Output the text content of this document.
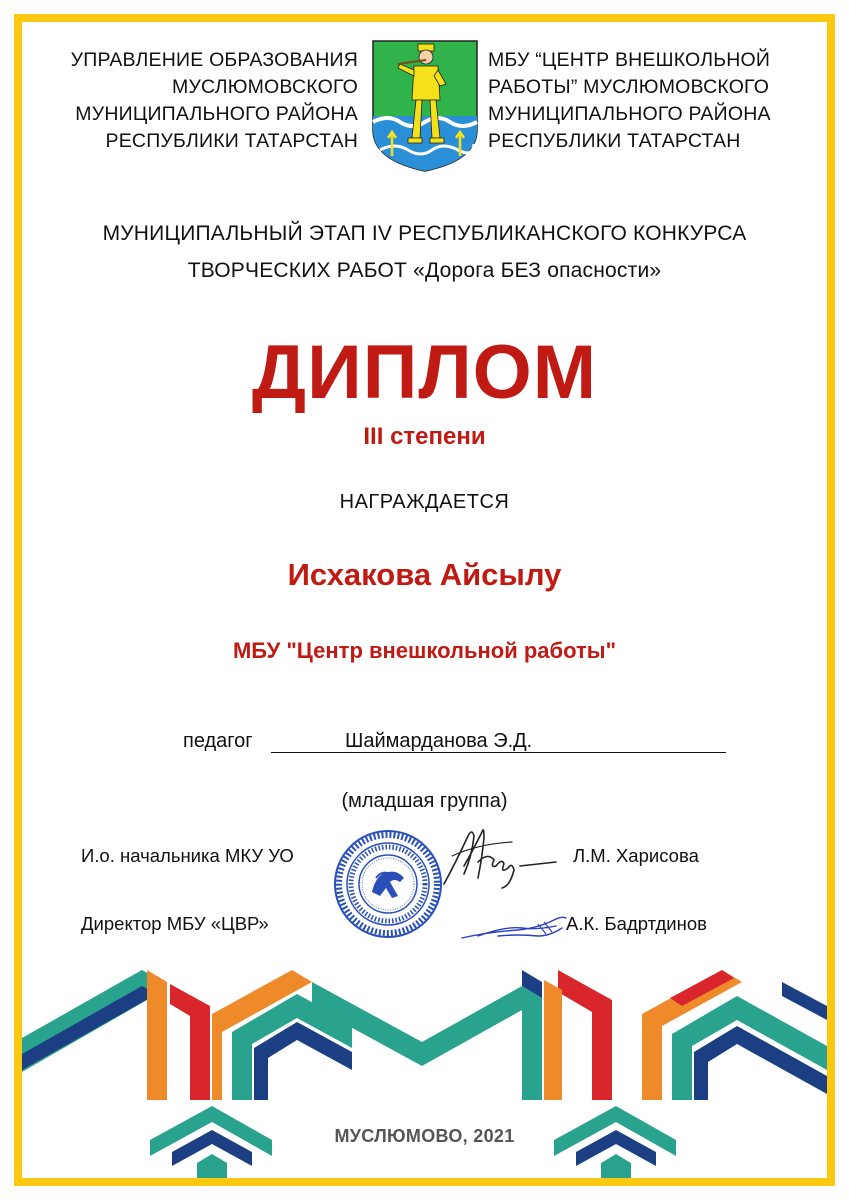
УПРАВЛЕНИЕ ОБРАЗОВАНИЯ
МУСЛЮМОВСКОГО
МУНИЦИПАЛЬНОГО РАЙОНА
РЕСПУБЛИКИ ТАТАРСТАН
МБУ “ЦЕНТР ВНЕШКОЛЬНОЙ
РАБОТЫ” МУСЛЮМОВСКОГО
МУНИЦИПАЛЬНОГО РАЙОНА
РЕСПУБЛИКИ ТАТАРСТАН
МУНИЦИПАЛЬНЫЙ ЭТАП IV РЕСПУБЛИКАНСКОГО КОНКУРСА
ТВОРЧЕСКИХ РАБОТ «Дорога БЕЗ опасности»
ДИПЛОМ
III степени
НАГРАЖДАЕТСЯ
Исхакова Айсылу
МБУ "Центр внешкольной работы"
педагог	Шаймарданова Э.Д.
(младшая группа)
И.о. начальника МКУ УО	Л.М. Харисова
Директор МБУ «ЦВР»	А.К. Бадртдинов
МУСЛЮМОВО, 2021
